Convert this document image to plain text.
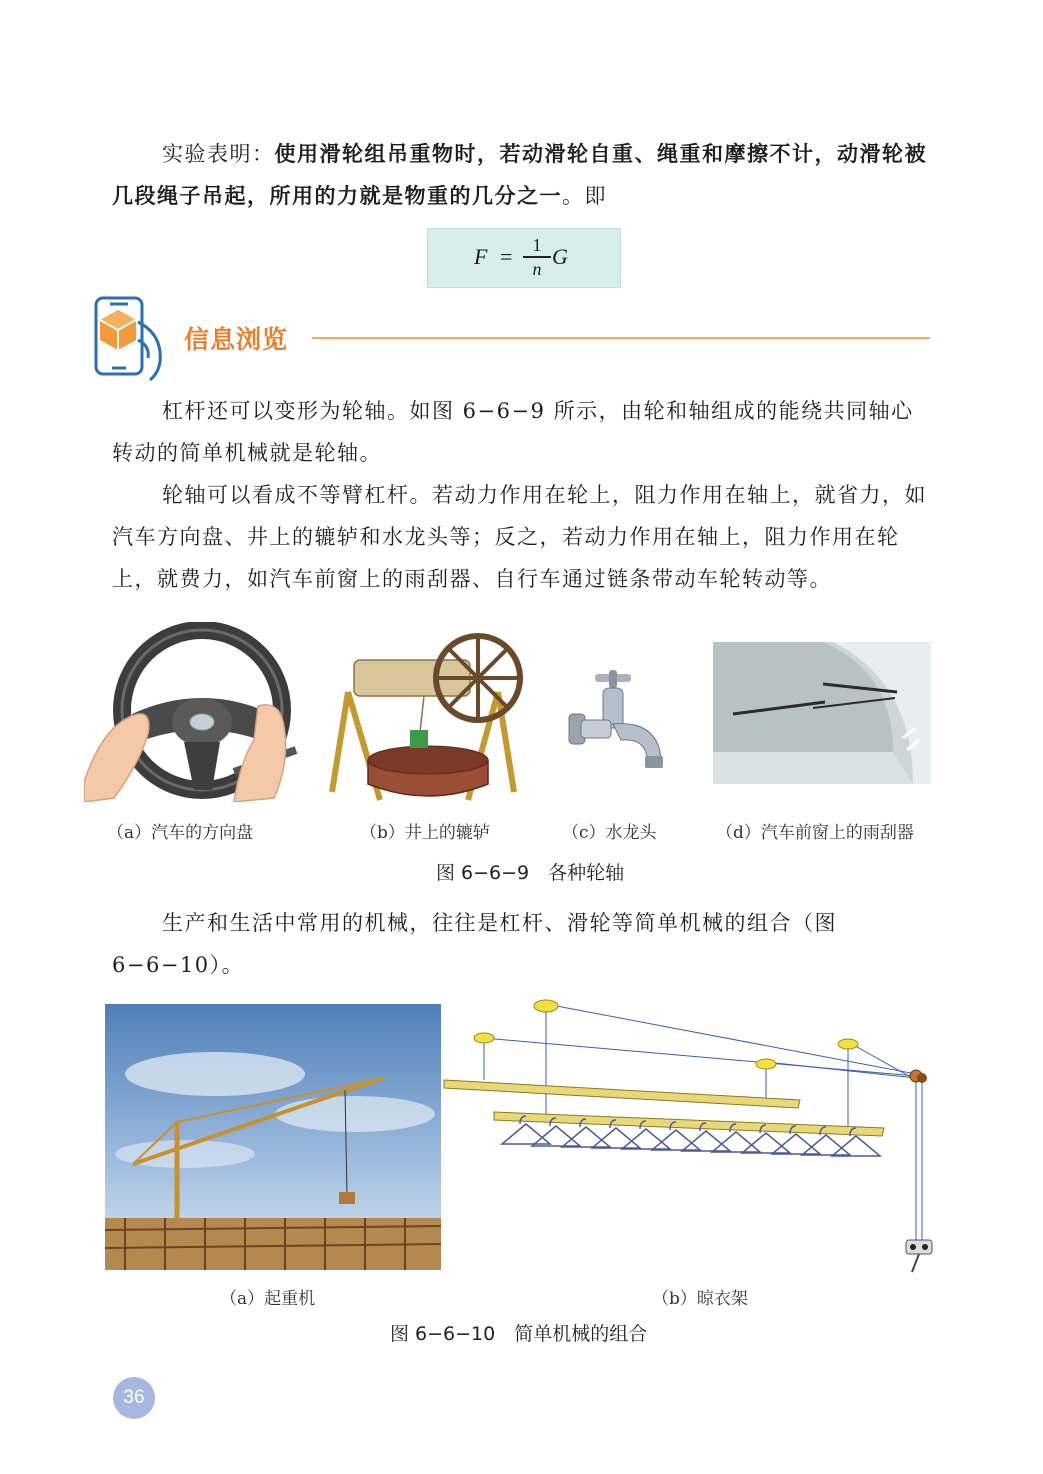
实验表明：使用滑轮组吊重物时，若动滑轮自重、绳重和摩擦不计，动滑轮被几段绳子吊起，所用的力就是物重的几分之一。即

F =	1
n G
信息浏览

杠杆还可以变形为轮轴。如图 6−6−9 所示，由轮和轴组成的能绕共同轴心转动的简单机械就是轮轴。

轮轴可以看成不等臂杠杆。若动力作用在轮上，阻力作用在轴上，就省力，如汽车方向盘、井上的辘轳和水龙头等；反之，若动力作用在轴上，阻力作用在轮上，就费力，如汽车前窗上的雨刮器、自行车通过链条带动车轮转动等。

（a）汽车的方向盘	（b）井上的辘轳	（c）水龙头	（d）汽车前窗上的雨刮器
图 6−6−9　各种轮轴

生产和生活中常用的机械，往往是杠杆、滑轮等简单机械的组合（图 6−6−10）。

（a）起重机	（b）晾衣架
图 6−6−10　简单机械的组合
36
